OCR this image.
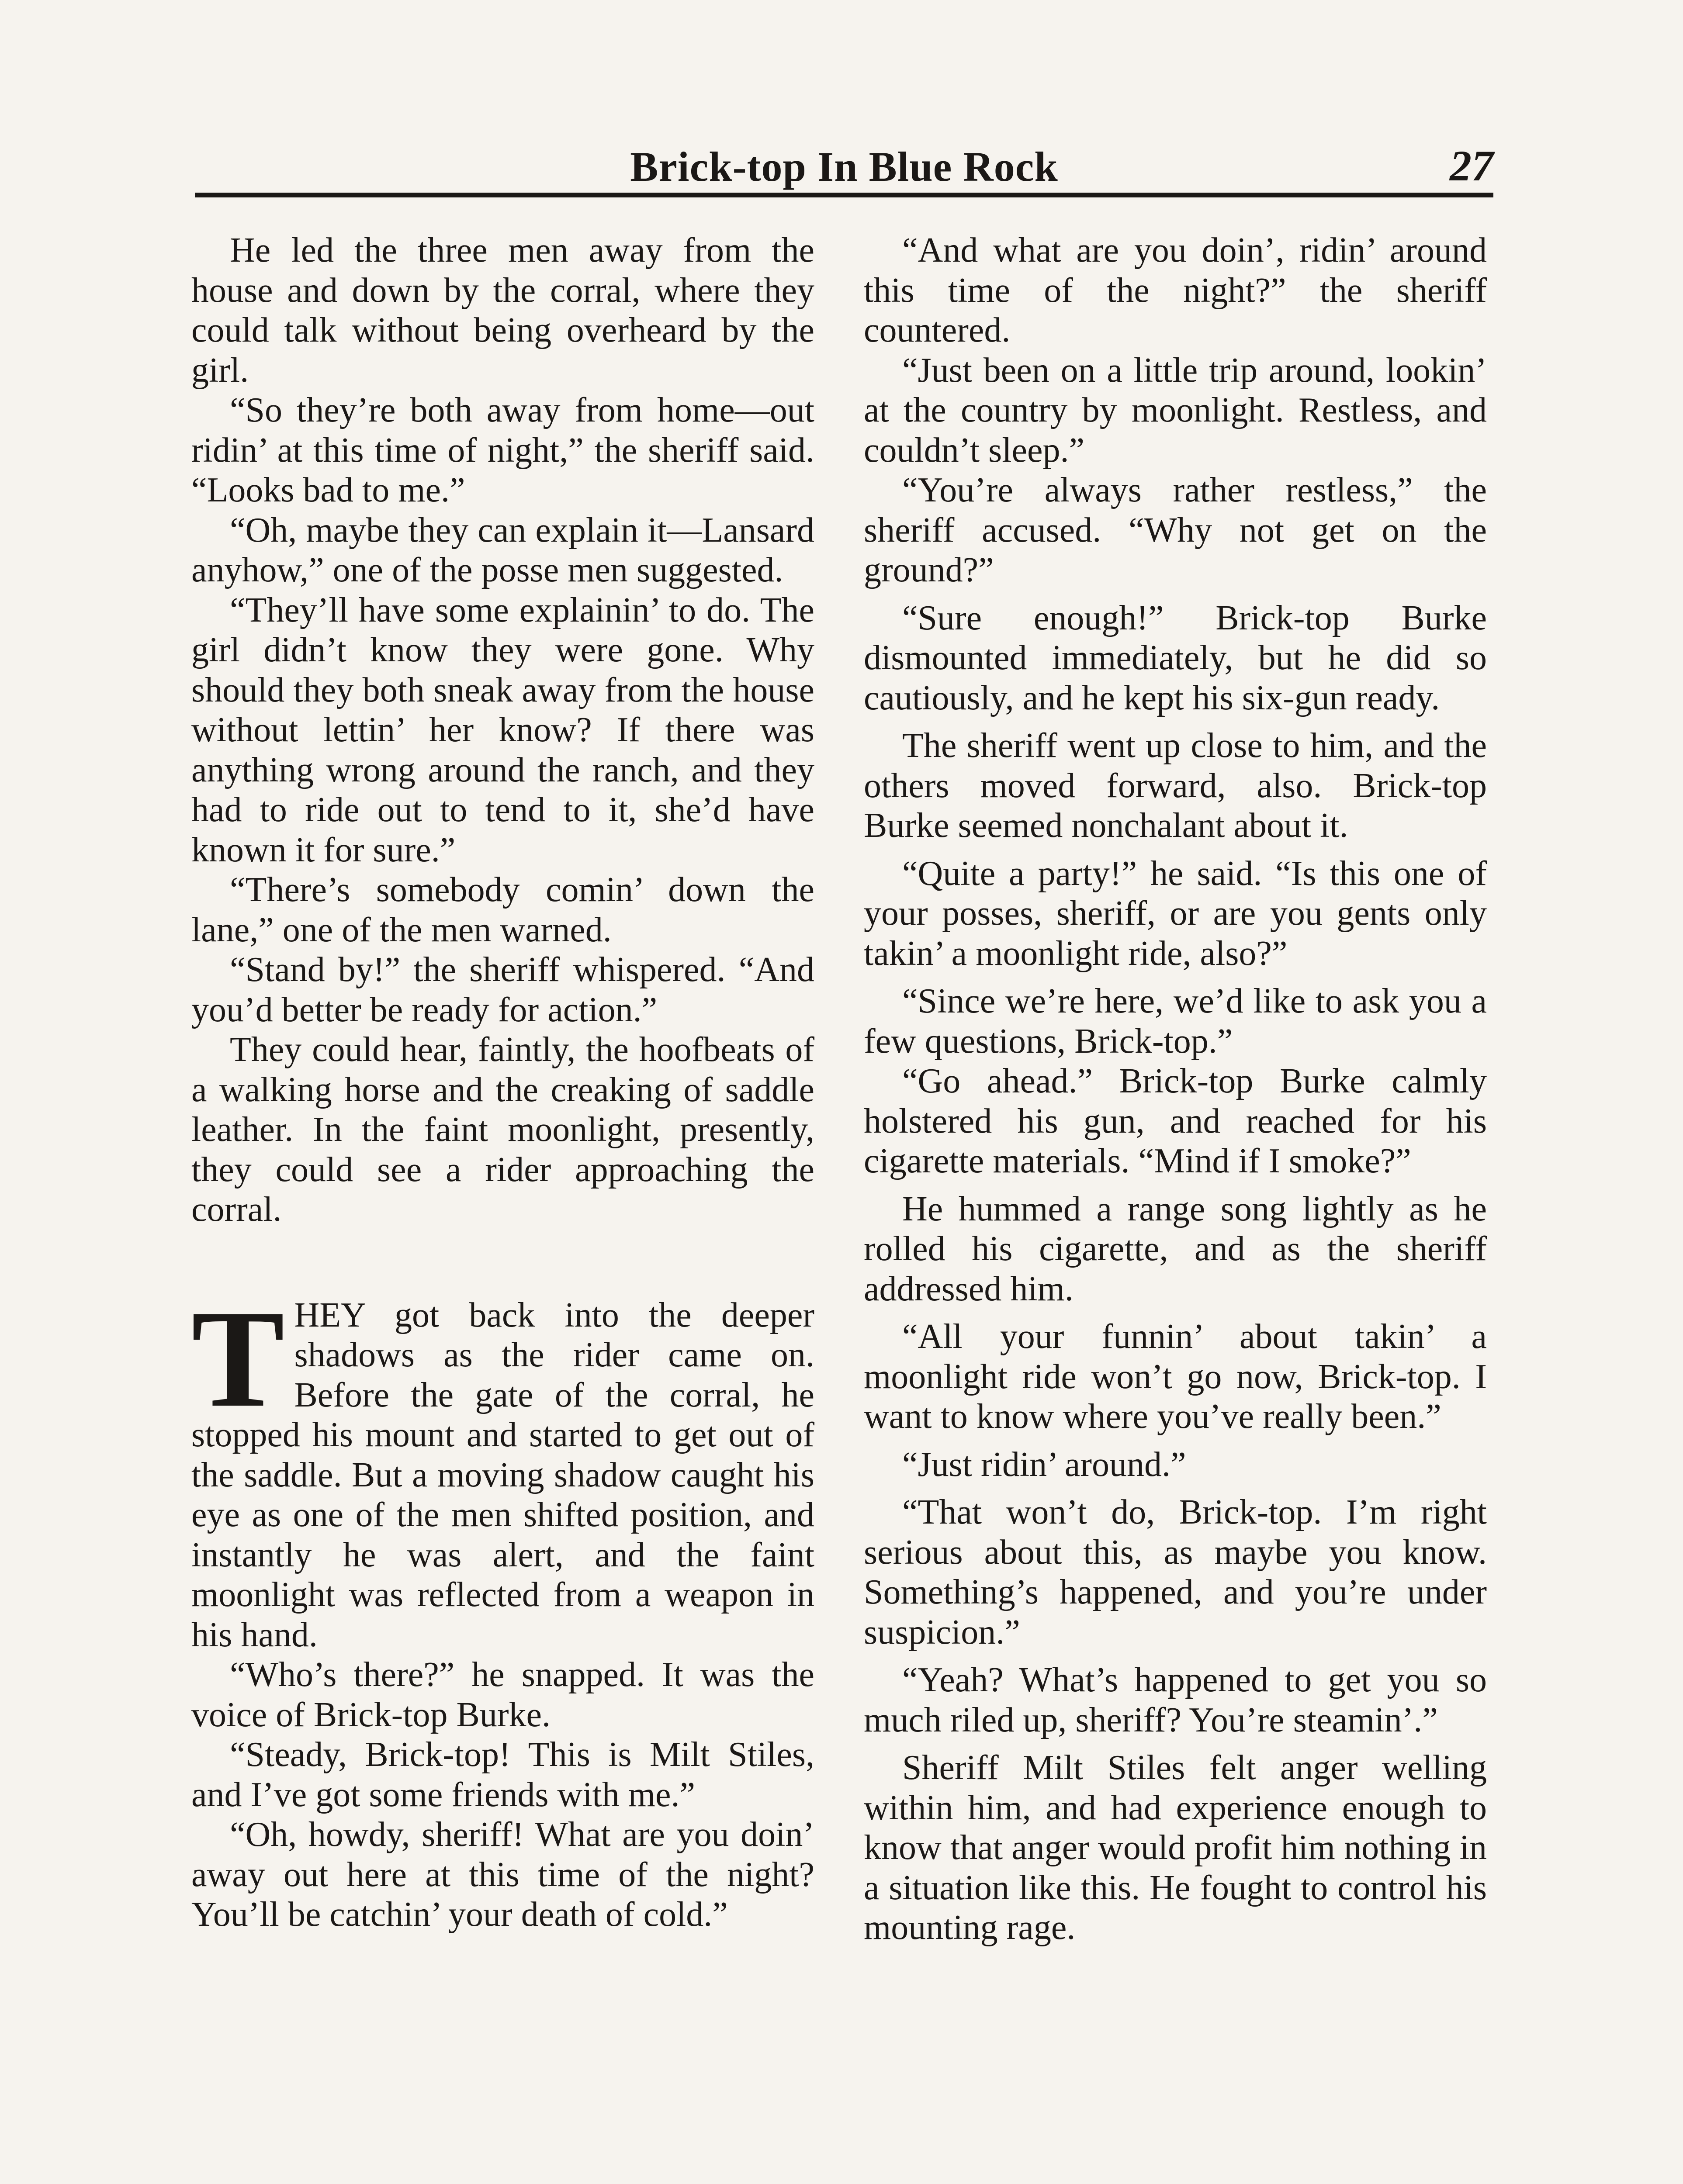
Brick-top In Blue Rock	27

He led the three men away from the house and down by the corral, where they could talk without being overheard by the girl.

“So they’re both away from home—out ridin’ at this time of night,” the sheriff said. “Looks bad to me.”

“Oh, maybe they can explain it—Lansard anyhow,” one of the posse men suggested.

“They’ll have some explainin’ to do. The girl didn’t know they were gone. Why should they both sneak away from the house without lettin’ her know? If there was anything wrong around the ranch, and they had to ride out to tend to it, she’d have known it for sure.”

“There’s somebody comin’ down the lane,” one of the men warned.

“Stand by!” the sheriff whispered. “And you’d better be ready for action.”

They could hear, faintly, the hoofbeats of a walking horse and the creaking of saddle leather. In the faint moonlight, presently, they could see a rider approaching the corral.

T HEY got back into the deeper shadows as the rider came on. Before the gate of the corral, he stopped his mount and started to get out of the saddle. But a moving shadow caught his eye as one of the men shifted position, and instantly he was alert, and the faint moonlight was reflected from a weapon in his hand.

“Who’s there?” he snapped. It was the voice of Brick-top Burke.

“Steady, Brick-top! This is Milt Stiles, and I’ve got some friends with me.”

“Oh, howdy, sheriff! What are you doin’ away out here at this time of the night? You’ll be catchin’ your death of cold.”

“And what are you doin’, ridin’ around this time of the night?” the sheriff countered.

“Just been on a little trip around, lookin’ at the country by moonlight. Restless, and couldn’t sleep.”

“You’re always rather restless,” the sheriff accused. “Why not get on the ground?”

“Sure enough!” Brick-top Burke dismounted immediately, but he did so cautiously, and he kept his six-gun ready.

The sheriff went up close to him, and the others moved forward, also. Brick-top Burke seemed nonchalant about it.

“Quite a party!” he said. “Is this one of your posses, sheriff, or are you gents only takin’ a moonlight ride, also?”

“Since we’re here, we’d like to ask you a few questions, Brick-top.”

“Go ahead.” Brick-top Burke calmly holstered his gun, and reached for his cigarette materials. “Mind if I smoke?”

He hummed a range song lightly as he rolled his cigarette, and as the sheriff addressed him.

“All your funnin’ about takin’ a moonlight ride won’t go now, Brick-top. I want to know where you’ve really been.”

“Just ridin’ around.”

“That won’t do, Brick-top. I’m right serious about this, as maybe you know. Something’s happened, and you’re under suspicion.”

“Yeah? What’s happened to get you so much riled up, sheriff? You’re steamin’.”

Sheriff Milt Stiles felt anger welling within him, and had experience enough to know that anger would profit him nothing in a situation like this. He fought to control his mounting rage.
